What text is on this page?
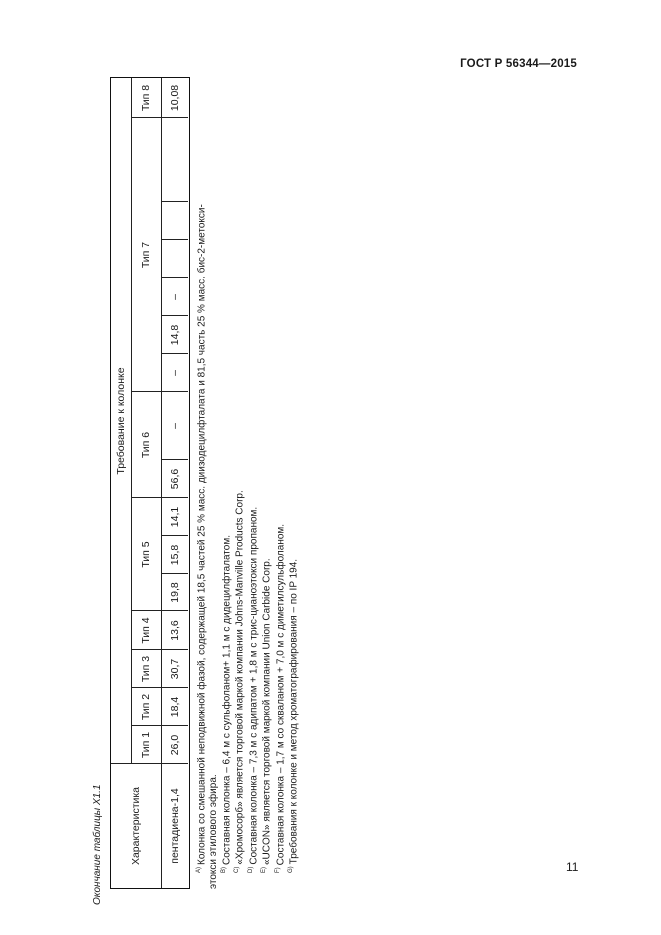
ГОСТ Р 56344—2015
11
Окончание таблицы Х1.1	Характеристика
Требование к колонке
Тип 1
Тип 2
Тип 3
Тип 4
Тип 5
Тип 6
Тип 7
Тип 8
пентадиена-1,4
26,0
18,4
30,7
13,6
19,8
15,8
14,1
56,6
–
–
14,8
–
10,08
$^{A)}$Колонка со смешанной неподвижной фазой, содержащей 18,5 частей 25 % масс. диизодецилфталата и 81,5 часть 25 % масс. бис-2-метокси- этокси этилового эфира. $^{B)}$Составная колонка – 6,4 м с сульфоланом+ 1,1 м с дидецилфталатом.
$^{C)}$«Хромосорб» является торговой маркой компании Johns-Manville Products Corp.
$^{D)}$Составная колонка – 7,3 м с адипатом + 1,8 м с трис-цианоэтокси пропаном.
$^{E)}$«UCON» является торговой маркой компании Union Carbide Corp.
$^{F)}$Составная колонка – 1,7 м со скваланом + 7,0 м с диметилсульфоланом.
$^{G)}$Требования к колонке и метод хроматографирования – по IP 194.
